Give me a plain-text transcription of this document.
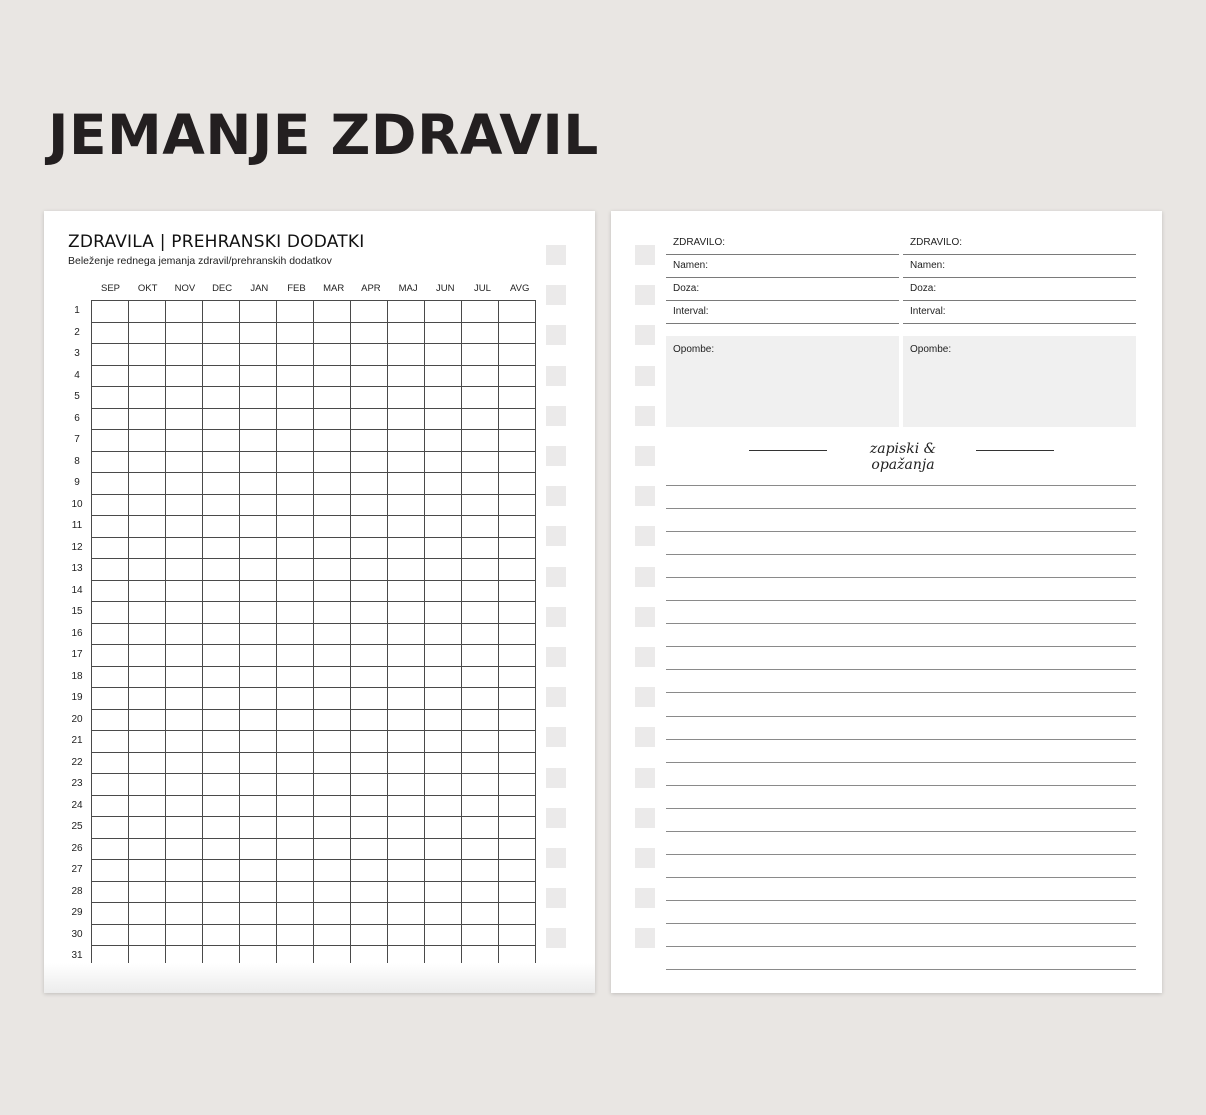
JEMANJE ZDRAVIL
ZDRAVILA | PREHRANSKI DODATKI
Beleženje rednega jemanja zdravil/prehranskih dodatkov
SEP	OKT	NOV	DEC	JAN	FEB	MAR	APR	MAJ	JUN	JUL	AVG
1
2
3
4
5
6
7
8
9
10
11
12
13
14
15
16
17
18
19
20
21
22
23
24
25
26
27
28
29
30
31

ZDRAVILO:
Namen:
Doza:
Interval:
Opombe:
ZDRAVILO:
Namen:
Doza:
Interval:
Opombe:
zapiski & opažanja
